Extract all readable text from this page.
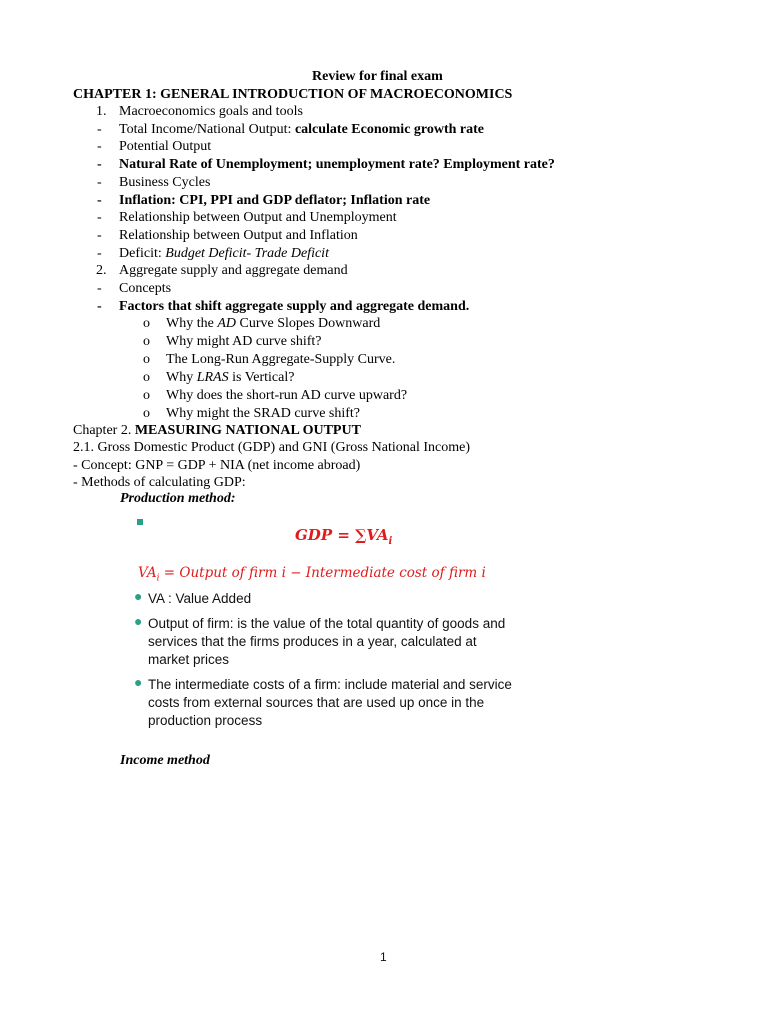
Review for final exam
CHAPTER 1: GENERAL INTRODUCTION OF MACROECONOMICS
1. Macroeconomics goals and tools
- Total Income/National Output: calculate Economic growth rate
- Potential Output
- Natural Rate of Unemployment; unemployment rate? Employment rate?
- Business Cycles
- Inflation: CPI, PPI and GDP deflator; Inflation rate
- Relationship between Output and Unemployment
- Relationship between Output and Inflation
- Deficit: Budget Deficit- Trade Deficit
2. Aggregate supply and aggregate demand
- Concepts
- Factors that shift aggregate supply and aggregate demand.
o Why the AD Curve Slopes Downward
o Why might AD curve shift?
o The Long-Run Aggregate-Supply Curve.
o Why LRAS is Vertical?
o Why does the short-run AD curve upward?
o Why might the SRAD curve shift?
Chapter 2. MEASURING NATIONAL OUTPUT
2.1. Gross Domestic Product (GDP) and GNI (Gross National Income)
- Concept: GNP = GDP + NIA (net income abroad)
- Methods of calculating GDP:
Production method:
GDP = $\sum VA_i$
$VA_i$ = Output of firm i − Intermediate cost of firm i
● VA : Value Added
● Output of firm: is the value of the total quantity of goods and
services that the firms produces in a year, calculated at
market prices
● The intermediate costs of a firm: include material and service
costs from external sources that are used up once in the
production process
Income method
1
